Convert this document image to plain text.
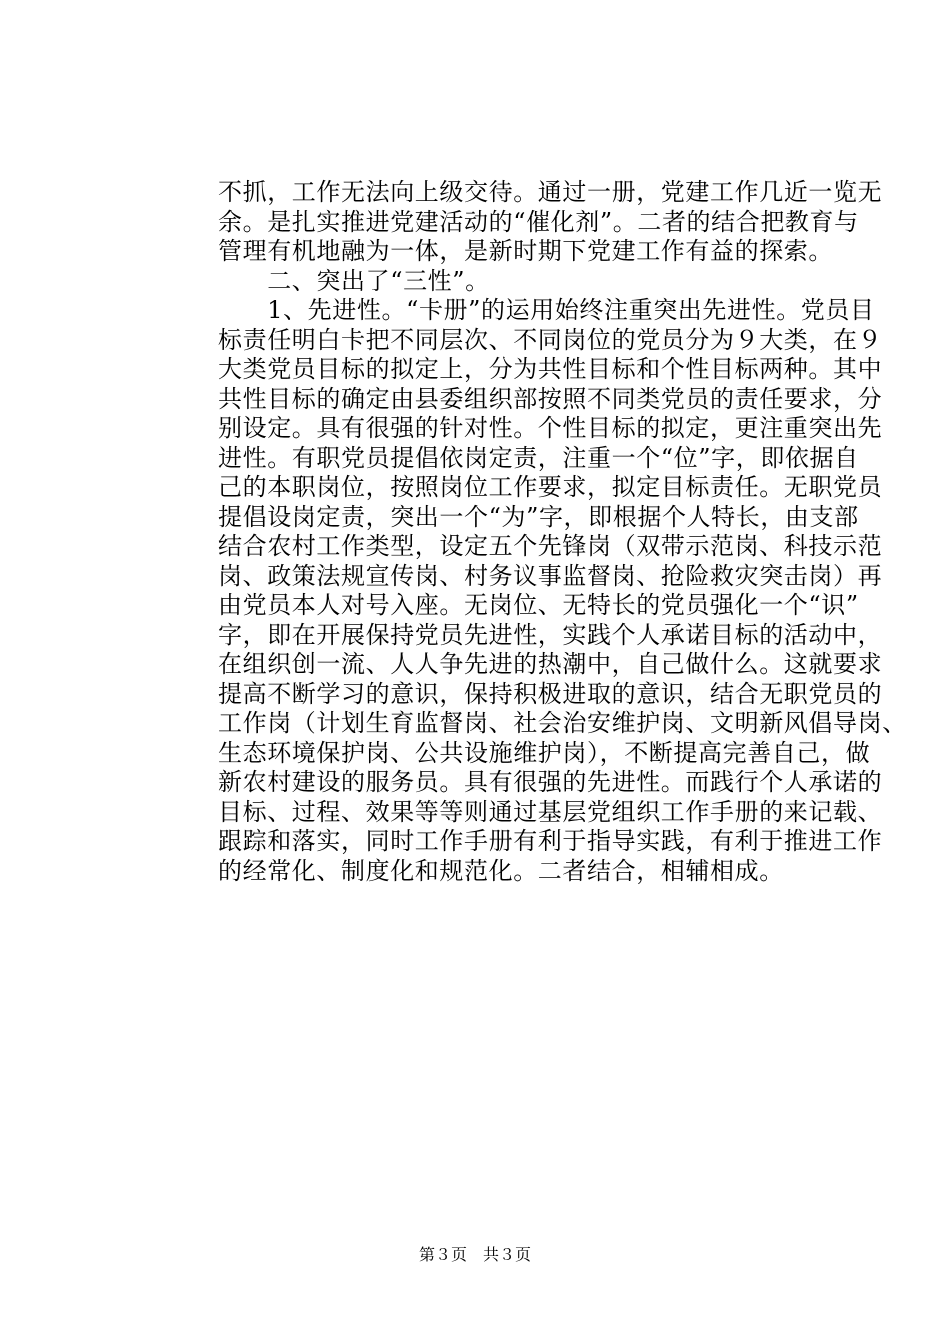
不抓，工作无法向上级交待。通过一册，党建工作几近一览无
余。是扎实推进党建活动的“催化剂”。二者的结合把教育与
管理有机地融为一体，是新时期下党建工作有益的探索。
　　二、突出了“三性”。
　　1、先进性。“卡册”的运用始终注重突出先进性。党员目
标责任明白卡把不同层次、不同岗位的党员分为９大类，在９
大类党员目标的拟定上，分为共性目标和个性目标两种。其中
共性目标的确定由县委组织部按照不同类党员的责任要求，分
别设定。具有很强的针对性。个性目标的拟定，更注重突出先
进性。有职党员提倡依岗定责，注重一个“位”字，即依据自
己的本职岗位，按照岗位工作要求，拟定目标责任。无职党员
提倡设岗定责，突出一个“为”字，即根据个人特长，由支部
结合农村工作类型，设定五个先锋岗（双带示范岗、科技示范
岗、政策法规宣传岗、村务议事监督岗、抢险救灾突击岗）再
由党员本人对号入座。无岗位、无特长的党员强化一个“识”
字，即在开展保持党员先进性，实践个人承诺目标的活动中，
在组织创一流、人人争先进的热潮中，自己做什么。这就要求
提高不断学习的意识，保持积极进取的意识，结合无职党员的
工作岗（计划生育监督岗、社会治安维护岗、文明新风倡导岗、
生态环境保护岗、公共设施维护岗），不断提高完善自己，做
新农村建设的服务员。具有很强的先进性。而践行个人承诺的
目标、过程、效果等等则通过基层党组织工作手册的来记载、
跟踪和落实，同时工作手册有利于指导实践，有利于推进工作
的经常化、制度化和规范化。二者结合，相辅相成。
第３页　共３页
